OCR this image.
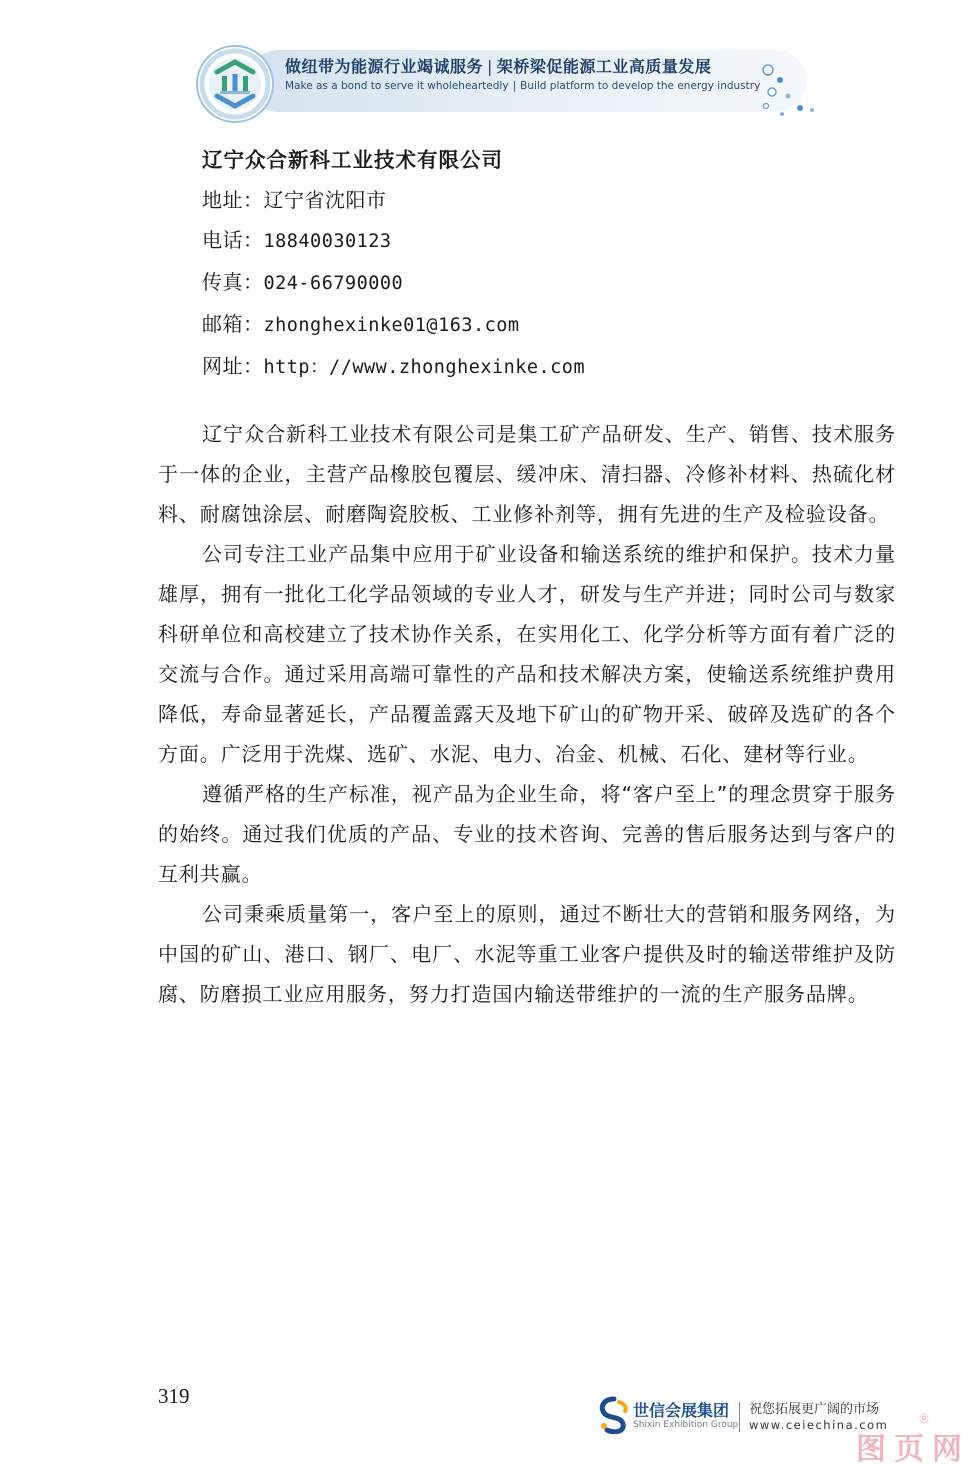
做纽带为能源行业竭诚服务 | 架桥梁促能源工业高质量发展
Make as a bond to serve it wholeheartedly | Build platform to develop the energy industry
辽宁众合新科工业技术有限公司
地址：辽宁省沈阳市
电话：18840030123
传真：024-66790000
邮箱：zhonghexinke01@163.com
网址：http：//www.zhonghexinke.com

辽宁众合新科工业技术有限公司是集工矿产品研发、生产、销售、技术服务于一体的企业，主营产品橡胶包覆层、缓冲床、清扫器、冷修补材料、热硫化材料、耐腐蚀涂层、耐磨陶瓷胶板、工业修补剂等，拥有先进的生产及检验设备。

公司专注工业产品集中应用于矿业设备和输送系统的维护和保护。技术力量雄厚，拥有一批化工化学品领域的专业人才，研发与生产并进；同时公司与数家科研单位和高校建立了技术协作关系，在实用化工、化学分析等方面有着广泛的交流与合作。通过采用高端可靠性的产品和技术解决方案，使输送系统维护费用降低，寿命显著延长，产品覆盖露天及地下矿山的矿物开采、破碎及选矿的各个方面。广泛用于洗煤、选矿、水泥、电力、冶金、机械、石化、建材等行业。

遵循严格的生产标准，视产品为企业生命，将“客户至上”的理念贯穿于服务的始终。通过我们优质的产品、专业的技术咨询、完善的售后服务达到与客户的互利共赢。

公司秉乘质量第一，客户至上的原则，通过不断壮大的营销和服务网络，为中国的矿山、港口、钢厂、电厂、水泥等重工业客户提供及时的输送带维护及防腐、防磨损工业应用服务，努力打造国内输送带维护的一流的生产服务品牌。

319
世信会展集团
Shixin Exhibition Group
祝您拓展更广阔的市场
www.ceiechina.com ®
图页网
